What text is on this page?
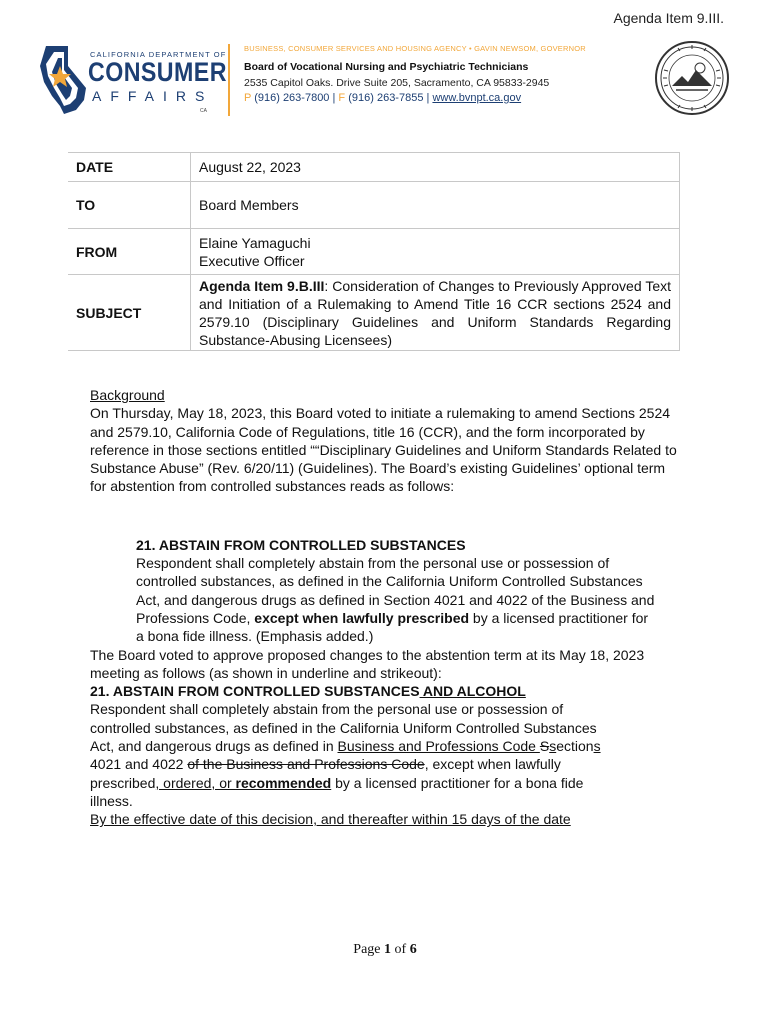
Agenda Item 9.III.
CALIFORNIA DEPARTMENT OF
CONSUMER
AFFAIRS
CA
BUSINESS, CONSUMER SERVICES AND HOUSING AGENCY • GAVIN NEWSOM, GOVERNOR
Board of Vocational Nursing and Psychiatric Technicians
2535 Capitol Oaks. Drive Suite 205, Sacramento, CA 95833-2945
P (916) 263-7800 | F (916) 263-7855 | www.bvnpt.ca.gov
DATE	August 22, 2023
TO	Board Members
FROM	Elaine Yamaguchi
Executive Officer

SUBJECT	Agenda Item 9.B.III: Consideration of Changes to Previously Approved Text and Initiation of a Rulemaking to Amend Title 16 CCR sections 2524 and 2579.10 (Disciplinary Guidelines and Uniform Standards Regarding Substance-Abusing Licensees)

Background

On Thursday, May 18, 2023, this Board voted to initiate a rulemaking to amend Sections 2524 and 2579.10, California Code of Regulations, title 16 (CCR), and the form incorporated by reference in those sections entitled ““Disciplinary Guidelines and Uniform Standards Related to Substance Abuse” (Rev. 6/20/11) (Guidelines). The Board’s existing Guidelines’ optional term for abstention from controlled substances reads as follows:

21. ABSTAIN FROM CONTROLLED SUBSTANCES

Respondent shall completely abstain from the personal use or possession of controlled substances, as defined in the California Uniform Controlled Substances Act, and dangerous drugs as defined in Section 4021 and 4022 of the Business and Professions Code, except when lawfully prescribed by a licensed practitioner for a bona fide illness. (Emphasis added.)

The Board voted to approve proposed changes to the abstention term at its May 18, 2023 meeting as follows (as shown in underline and strikeout):

21. ABSTAIN FROM CONTROLLED SUBSTANCES AND ALCOHOL

Respondent shall completely abstain from the personal use or possession of controlled substances, as defined in the California Uniform Controlled Substances Act, and dangerous drugs as defined in Business and Professions Code Ssections 4021 and 4022 of the Business and Professions Code, except when lawfully prescribed, ordered, or recommended by a licensed practitioner for a bona fide illness.

By the effective date of this decision, and thereafter within 15 days of the date

Page 1 of 6
